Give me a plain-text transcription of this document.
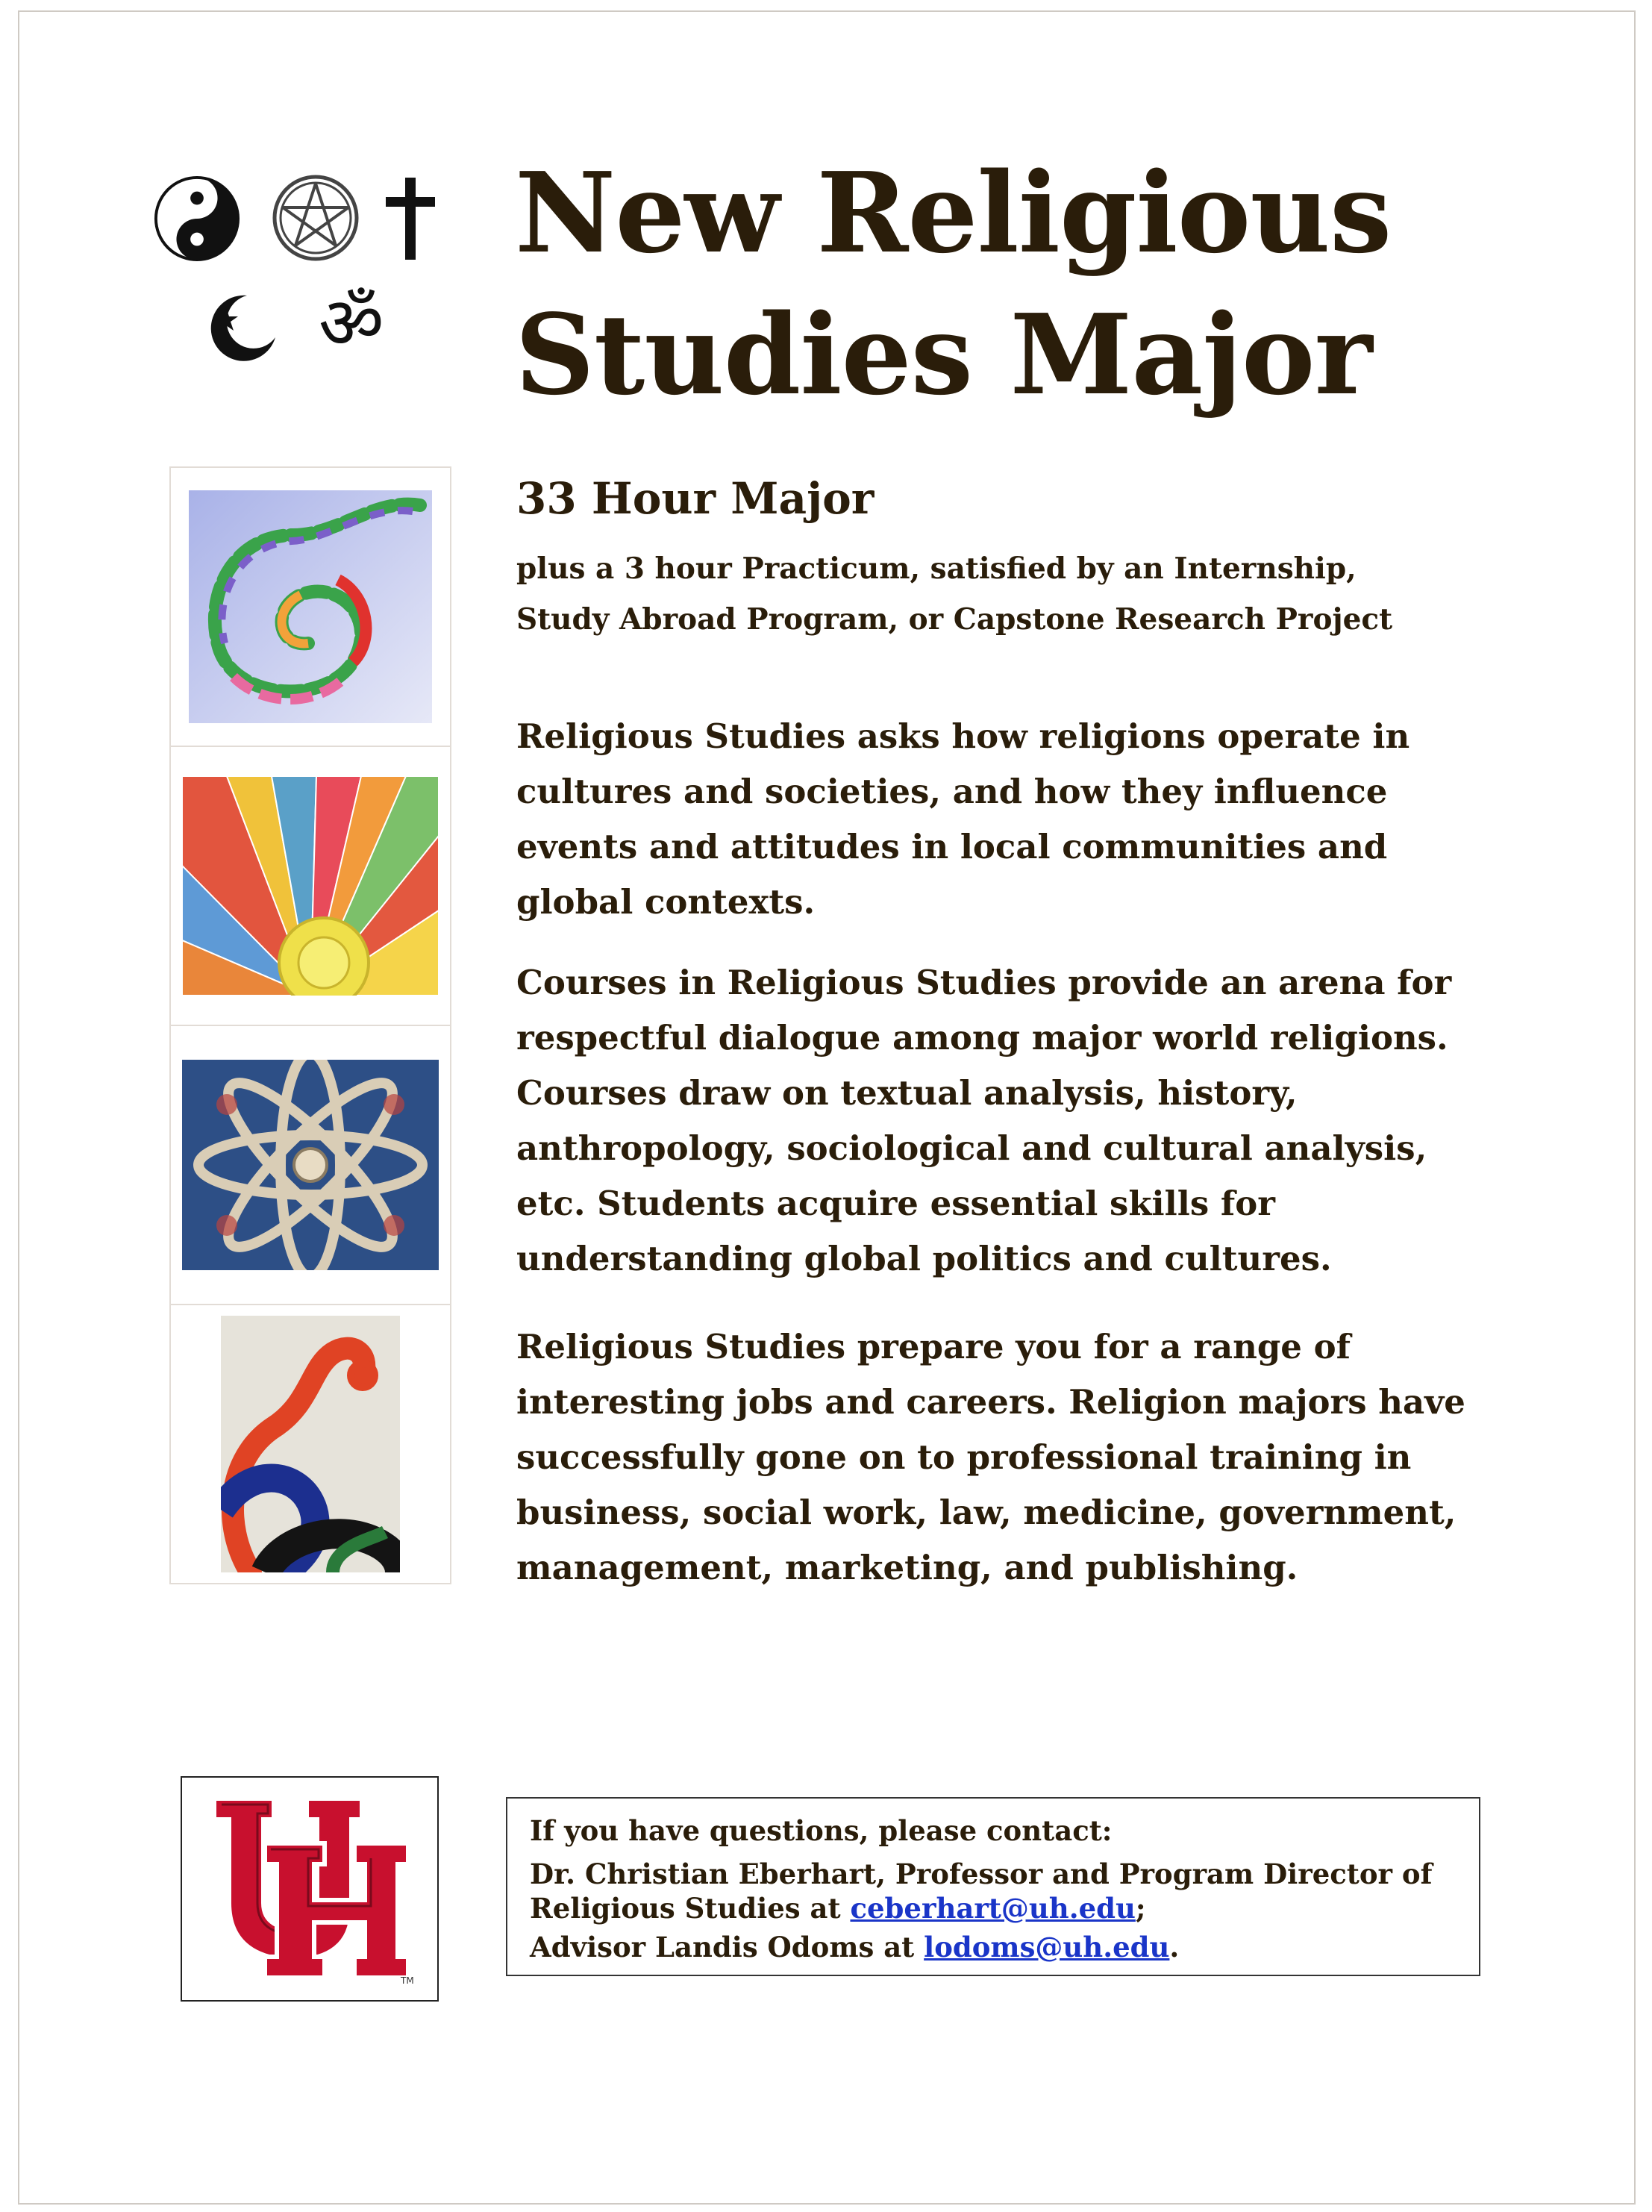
ॐ
New Religious
Studies Major
33 Hour Major

plus a 3 hour Practicum, satisfied by an Internship,
Study Abroad Program, or Capstone Research Project

Religious Studies asks how religions operate in
cultures and societies, and how they influence
events and attitudes in local communities and
global contexts.

Courses in Religious Studies provide an arena for
respectful dialogue among major world religions.
Courses draw on textual analysis, history,
anthropology, sociological and cultural analysis,
etc. Students acquire essential skills for
understanding global politics and cultures.

Religious Studies prepare you for a range of
interesting jobs and careers. Religion majors have
successfully gone on to professional training in
business, social work, law, medicine, government,
management, marketing, and publishing.

TM

If you have questions, please contact:

Dr. Christian Eberhart, Professor and Program Director of
Religious Studies at ceberhart@uh.edu;

Advisor Landis Odoms at lodoms@uh.edu.
